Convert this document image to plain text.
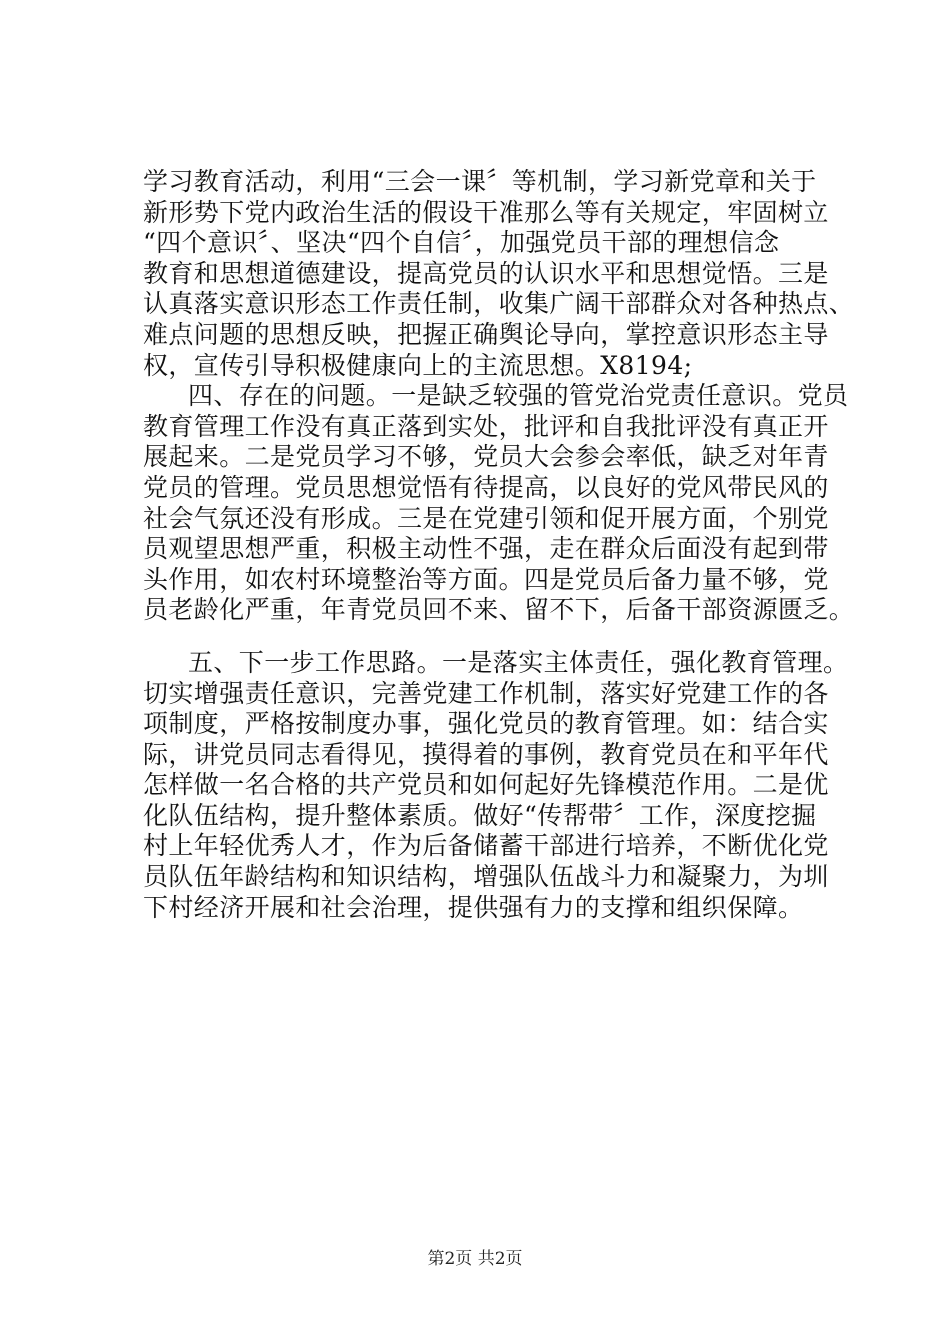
学习教育活动，利用“三会一课〞等机制，学习新党章和关于
新形势下党内政治生活的假设干准那么等有关规定，牢固树立
“四个意识〞、坚决“四个自信〞，加强党员干部的理想信念
教育和思想道德建设，提高党员的认识水平和思想觉悟。三是
认真落实意识形态工作责任制，收集广阔干部群众对各种热点、
难点问题的思想反映，把握正确舆论导向，掌控意识形态主导
权，宣传引导积极健康向上的主流思想。X8194;
四、存在的问题。一是缺乏较强的管党治党责任意识。党员
教育管理工作没有真正落到实处，批评和自我批评没有真正开
展起来。二是党员学习不够，党员大会参会率低，缺乏对年青
党员的管理。党员思想觉悟有待提高，以良好的党风带民风的
社会气氛还没有形成。三是在党建引领和促开展方面，个别党
员观望思想严重，积极主动性不强，走在群众后面没有起到带
头作用，如农村环境整治等方面。四是党员后备力量不够，党
员老龄化严重，年青党员回不来、留不下，后备干部资源匮乏。
五、下一步工作思路。一是落实主体责任，强化教育管理。
切实增强责任意识，完善党建工作机制，落实好党建工作的各
项制度，严格按制度办事，强化党员的教育管理。如：结合实
际，讲党员同志看得见，摸得着的事例，教育党员在和平年代
怎样做一名合格的共产党员和如何起好先锋模范作用。二是优
化队伍结构，提升整体素质。做好“传帮带〞工作，深度挖掘
村上年轻优秀人才，作为后备储蓄干部进行培养，不断优化党
员队伍年龄结构和知识结构，增强队伍战斗力和凝聚力，为圳
下村经济开展和社会治理，提供强有力的支撑和组织保障。
第2页 共2页
